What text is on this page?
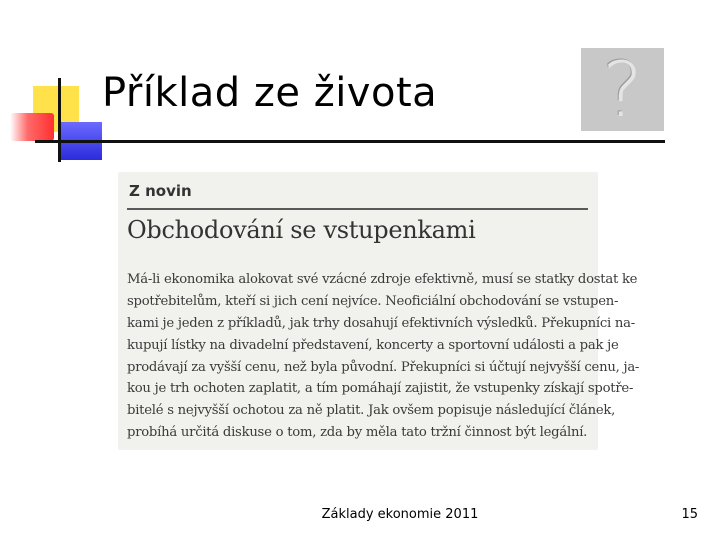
Příklad ze života ?
Z novin
Obchodování se vstupenkami
Má-li ekonomika alokovat své vzácné zdroje efektivně, musí se statky dostat ke
spotřebitelům, kteří si jich cení nejvíce. Neoficiální obchodování se vstupen-
kami je jeden z příkladů, jak trhy dosahují efektivních výsledků. Překupníci na-
kupují lístky na divadelní představení, koncerty a sportovní události a pak je
prodávají za vyšší cenu, než byla původní. Překupníci si účtují nejvyšší cenu, ja-
kou je trh ochoten zaplatit, a tím pomáhají zajistit, že vstupenky získají spotře-
bitelé s nejvyšší ochotou za ně platit. Jak ovšem popisuje následující článek,
probíhá určitá diskuse o tom, zda by měla tato tržní činnost být legální.
Základy ekonomie 2011	15
